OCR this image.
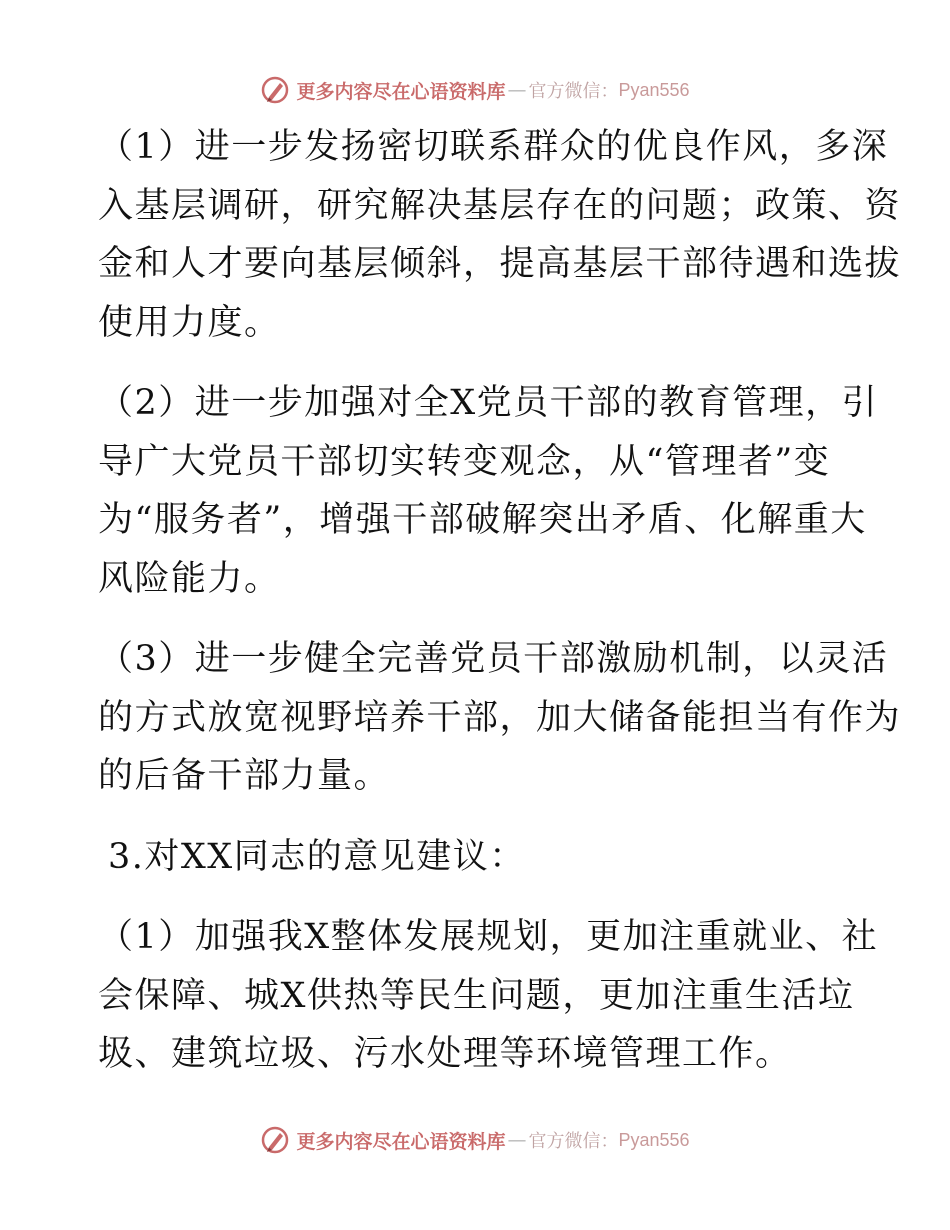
更多内容尽在心语资料库 — 官方微信： Pyan556

（1）进一步发扬密切联系群众的优良作风，多深
入基层调研，研究解决基层存在的问题；政策、资
金和人才要向基层倾斜，提高基层干部待遇和选拔
使用力度。

（2）进一步加强对全X党员干部的教育管理，引
导广大党员干部切实转变观念，从“管理者”变
为“服务者”，增强干部破解突出矛盾、化解重大
风险能力。

（3）进一步健全完善党员干部激励机制，以灵活
的方式放宽视野培养干部，加大储备能担当有作为
的后备干部力量。

3.对XX同志的意见建议：

（1）加强我X整体发展规划，更加注重就业、社
会保障、城X供热等民生问题，更加注重生活垃
圾、建筑垃圾、污水处理等环境管理工作。

更多内容尽在心语资料库 — 官方微信： Pyan556
